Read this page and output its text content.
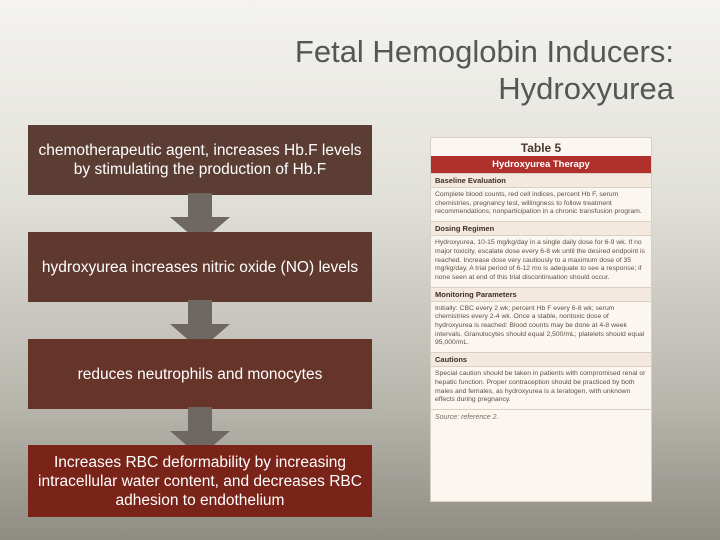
Fetal Hemoglobin Inducers:
Hydroxyurea
chemotherapeutic agent, increases Hb.F levels by stimulating the production of Hb.F
hydroxyurea increases nitric oxide (NO) levels
reduces neutrophils and monocytes
Increases RBC deformability by increasing intracellular water content, and decreases RBC adhesion to endothelium
Table 5
Hydroxyurea Therapy
Baseline Evaluation
Complete blood counts, red cell indices, percent Hb F, serum chemistries, pregnancy test, willingness to follow treatment recommendations; nonparticipation in a chronic transfusion program.
Dosing Regimen
Hydroxyurea, 10-15 mg/kg/day in a single daily dose for 6-9 wk. If no major toxicity, escalate dose every 6-8 wk until the desired endpoint is reached. Increase dose very cautiously to a maximum dose of 35 mg/kg/day. A trial period of 6-12 mo is adequate to see a response; if none seen at end of this trial discontinuation should occur.
Monitoring Parameters
Initially: CBC every 2 wk; percent Hb F every 6-8 wk; serum chemistries every 2-4 wk. Once a stable, nontoxic dose of hydroxyurea is reached: Blood counts may be done at 4-8 week intervals. Granulocytes should equal 2,500/mL; platelets should equal 95,000/mL.
Cautions
Special caution should be taken in patients with compromised renal or hepatic function. Proper contraception should be practiced by both males and females, as hydroxyurea is a teratogen, with unknown effects during pregnancy.
Source: reference 2.
